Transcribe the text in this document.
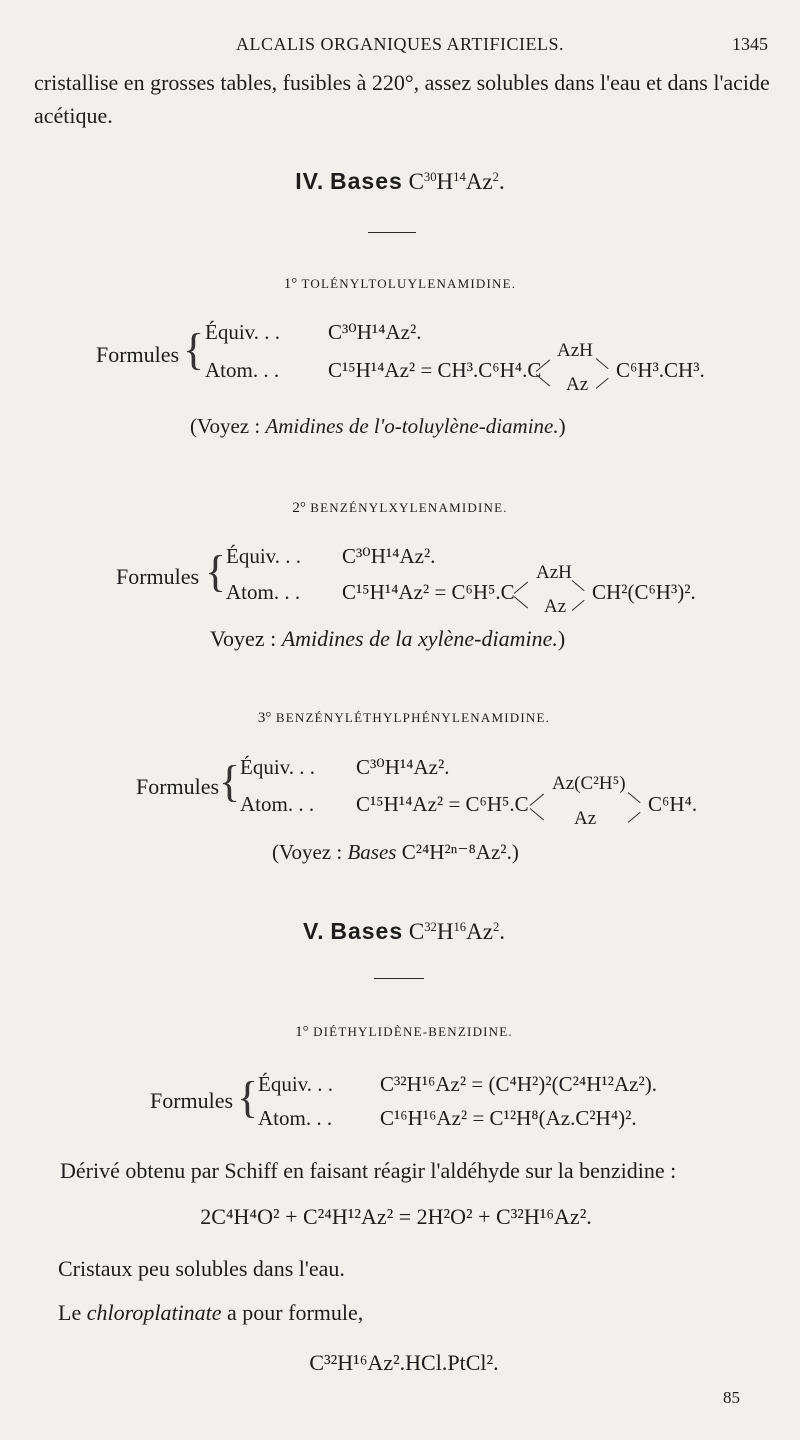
ALCALIS ORGANIQUES ARTIFICIELS.	1345
cristallise en grosses tables, fusibles à 220°, assez solubles dans l'eau et dans l'acide acétique.
IV. Bases $C^{30}H^{14}Az^2$.
1° TOLÉNYLTOLUYLENAMIDINE.
Formules { Équiv. . . C³⁰H¹⁴Az².
Atom. . . C¹⁵H¹⁴Az² = CH³.C⁶H⁴.C
AzH
Az
C⁶H³.CH³.
(Voyez : Amidines de l'o-toluylène-diamine.)
2° BENZÉNYLXYLENAMIDINE.
Formules { Équiv. . . C³⁰H¹⁴Az².
Atom. . . C¹⁵H¹⁴Az² = C⁶H⁵.C
AzH
Az
CH²(C⁶H³)².
Voyez : Amidines de la xylène-diamine.)
3° BENZÉNYLÉTHYLPHÉNYLENAMIDINE.
Formules { Équiv. . . C³⁰H¹⁴Az².
Atom. . . C¹⁵H¹⁴Az² = C⁶H⁵.C
Az(C²H⁵)
Az
C⁶H⁴.
(Voyez : Bases C²⁴H²ⁿ⁻⁸Az².)
V. Bases $C^{32}H^{16}Az^2$.
1° DIÉTHYLIDÈNE-BENZIDINE.
Formules { Équiv. . . C³²H¹⁶Az² = (C⁴H²)²(C²⁴H¹²Az²).
Atom. . . C¹⁶H¹⁶Az² = C¹²H⁸(Az.C²H⁴)².
Dérivé obtenu par Schiff en faisant réagir l'aldéhyde sur la benzidine :
2C⁴H⁴O² + C²⁴H¹²Az² = 2H²O² + C³²H¹⁶Az².
Cristaux peu solubles dans l'eau.
Le chloroplatinate a pour formule,
C³²H¹⁶Az².HCl.PtCl².
85
